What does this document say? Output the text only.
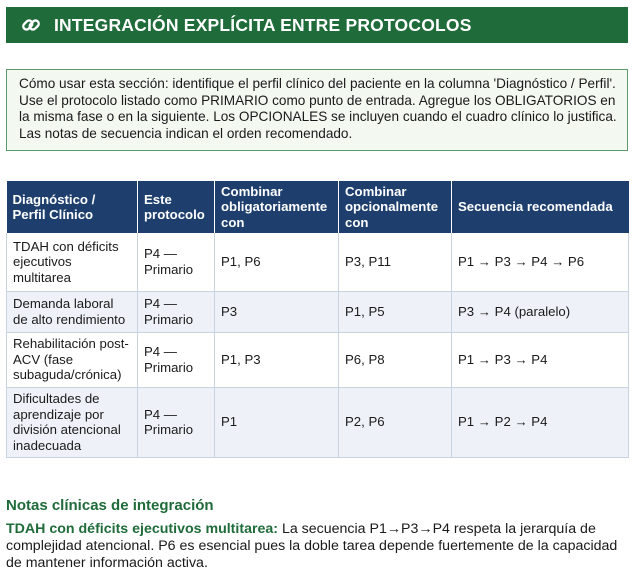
INTEGRACIÓN EXPLÍCITA ENTRE PROTOCOLOS
Cómo usar esta sección: identifique el perfil clínico del paciente en la columna 'Diagnóstico / Perfil'. Use el protocolo listado como PRIMARIO como punto de entrada. Agregue los OBLIGATORIOS en la misma fase o en la siguiente. Los OPCIONALES se incluyen cuando el cuadro clínico lo justifica. Las notas de secuencia indican el orden recomendado.
Diagnóstico / Perfil Clínico	Este protocolo	Combinar obligatoriamente con	Combinar opcionalmente con	Secuencia recomendada
TDAH con déficits ejecutivos multitarea	P4 — Primario	P1, P6	P3, P11	P1 → P3 → P4 → P6
Demanda laboral de alto rendimiento	P4 — Primario	P3	P1, P5	P3 → P4 (paralelo)
Rehabilitación post-ACV (fase subaguda/crónica)	P4 — Primario	P1, P3	P6, P8	P1 → P3 → P4
Dificultades de aprendizaje por división atencional inadecuada	P4 — Primario	P1	P2, P6	P1 → P2 → P4
Notas clínicas de integración
TDAH con déficits ejecutivos multitarea: La secuencia P1→P3→P4 respeta la jerarquía de complejidad atencional. P6 es esencial pues la doble tarea depende fuertemente de la capacidad de mantener información activa.
